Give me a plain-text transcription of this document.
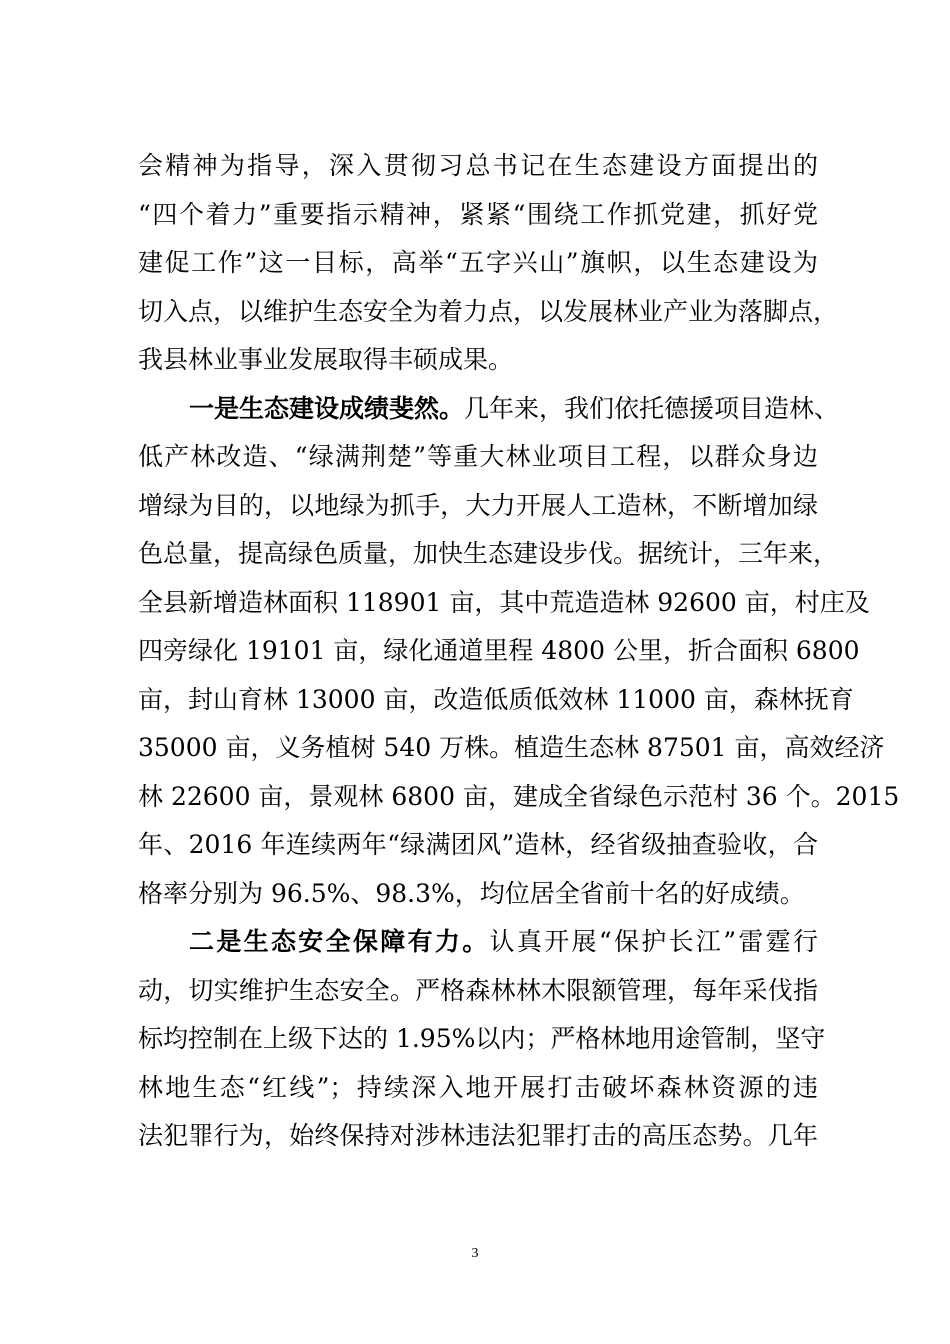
会精神为指导，深入贯彻习总书记在生态建设方面提出的
“四个着力”重要指示精神，紧紧“围绕工作抓党建，抓好党
建促工作”这一目标，高举“五字兴山”旗帜，以生态建设为
切入点，以维护生态安全为着力点，以发展林业产业为落脚点，
我县林业事业发展取得丰硕成果。
一是生态建设成绩斐然。几年来，我们依托德援项目造林、
低产林改造、“绿满荆楚”等重大林业项目工程，以群众身边
增绿为目的，以地绿为抓手，大力开展人工造林，不断增加绿
色总量，提高绿色质量，加快生态建设步伐。据统计，三年来，
全县新增造林面积 118901 亩，其中荒造造林 92600 亩，村庄及
四旁绿化 19101 亩，绿化通道里程 4800 公里，折合面积 6800
亩，封山育林 13000 亩，改造低质低效林 11000 亩，森林抚育
35000 亩，义务植树 540 万株。植造生态林 87501 亩，高效经济
林 22600 亩，景观林 6800 亩，建成全省绿色示范村 36 个。2015
年、2016 年连续两年“绿满团风”造林，经省级抽查验收，合
格率分别为 96.5%、98.3%，均位居全省前十名的好成绩。
二是生态安全保障有力。认真开展“保护长江”雷霆行
动，切实维护生态安全。严格森林林木限额管理，每年采伐指
标均控制在上级下达的 1.95%以内；严格林地用途管制，坚守
林地生态“红线”；持续深入地开展打击破坏森林资源的违
法犯罪行为，始终保持对涉林违法犯罪打击的高压态势。几年
3
